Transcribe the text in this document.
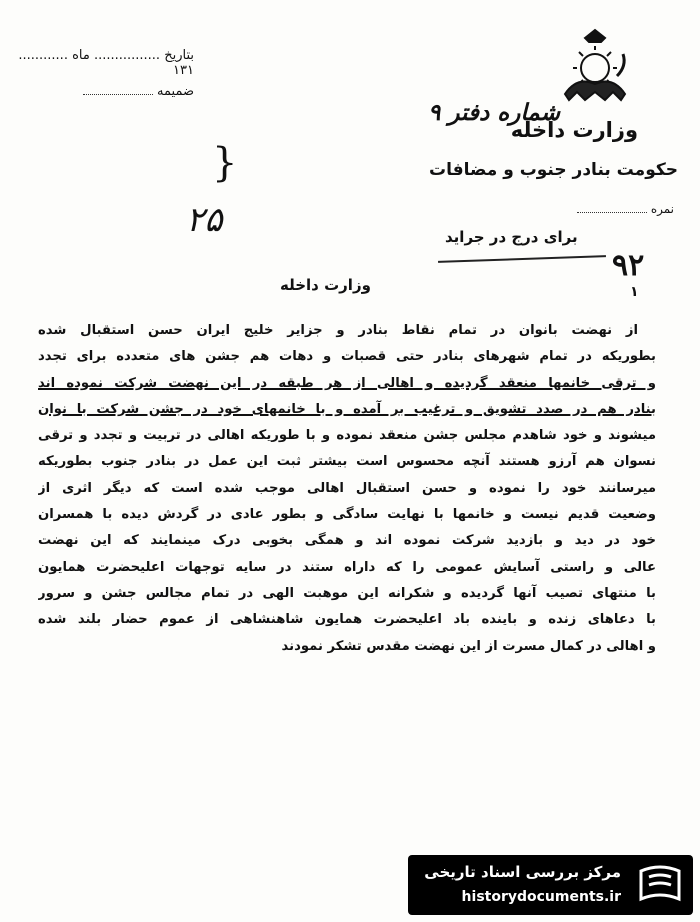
وزارت داخله
حکومت بنادر جنوب و مضافات
نمره
بتاریخ ................ ماه ............ ۱۳۱
ضمیمه
شماره دفتر ۹
}
۲۵	برای درج در جراید
۹۲
۱
وزارت داخله
از نهضت بانوان در تمام نقاط بنادر و جزایر خلیج ایران حسن استقبال شده
بطوریکه در تمام شهرهای بنادر حتی قصبات و دهات هم جشن های متعدده برای تجدد
و ترقی خانمها منعقد گردیده و اهالی از هر طبقه در این نهضت شرکت نموده اند
بنادر هم در صدد تشویق و ترغیب بر آمده و با خانمهای خود در جشن شرکت با نوان
میشوند و خود شاهدم مجلس جشن منعقد نموده و با طوریکه اهالی در تربیت و تجدد و ترقی
نسوان هم آرزو هستند آنچه محسوس است بیشتر ثبت این عمل در بنادر جنوب بطوریکه
میرسانند خود را نموده و حسن استقبال اهالی موجب شده است که دیگر اثری از
وضعیت قدیم نیست و خانمها با نهایت سادگی و بطور عادی در گردش دیده با همسران
خود در دید و بازدید شرکت نموده اند و همگی بخوبی درک مینمایند که این نهضت
عالی و راستی آسایش عمومی را که داراه ستند در سایه توجهات اعلیحضرت همایون
با منتهای تصیب آنها گردیده و شکرانه این موهبت الهی در تمام مجالس جشن و سرور
با دعاهای زنده و باینده باد اعلیحضرت همایون شاهنشاهی از عموم حضار بلند شده
و اهالی در کمال مسرت از این نهضت مقدس تشکر نمودند
مرکز بررسی اسناد تاریخی
historydocuments.ir
